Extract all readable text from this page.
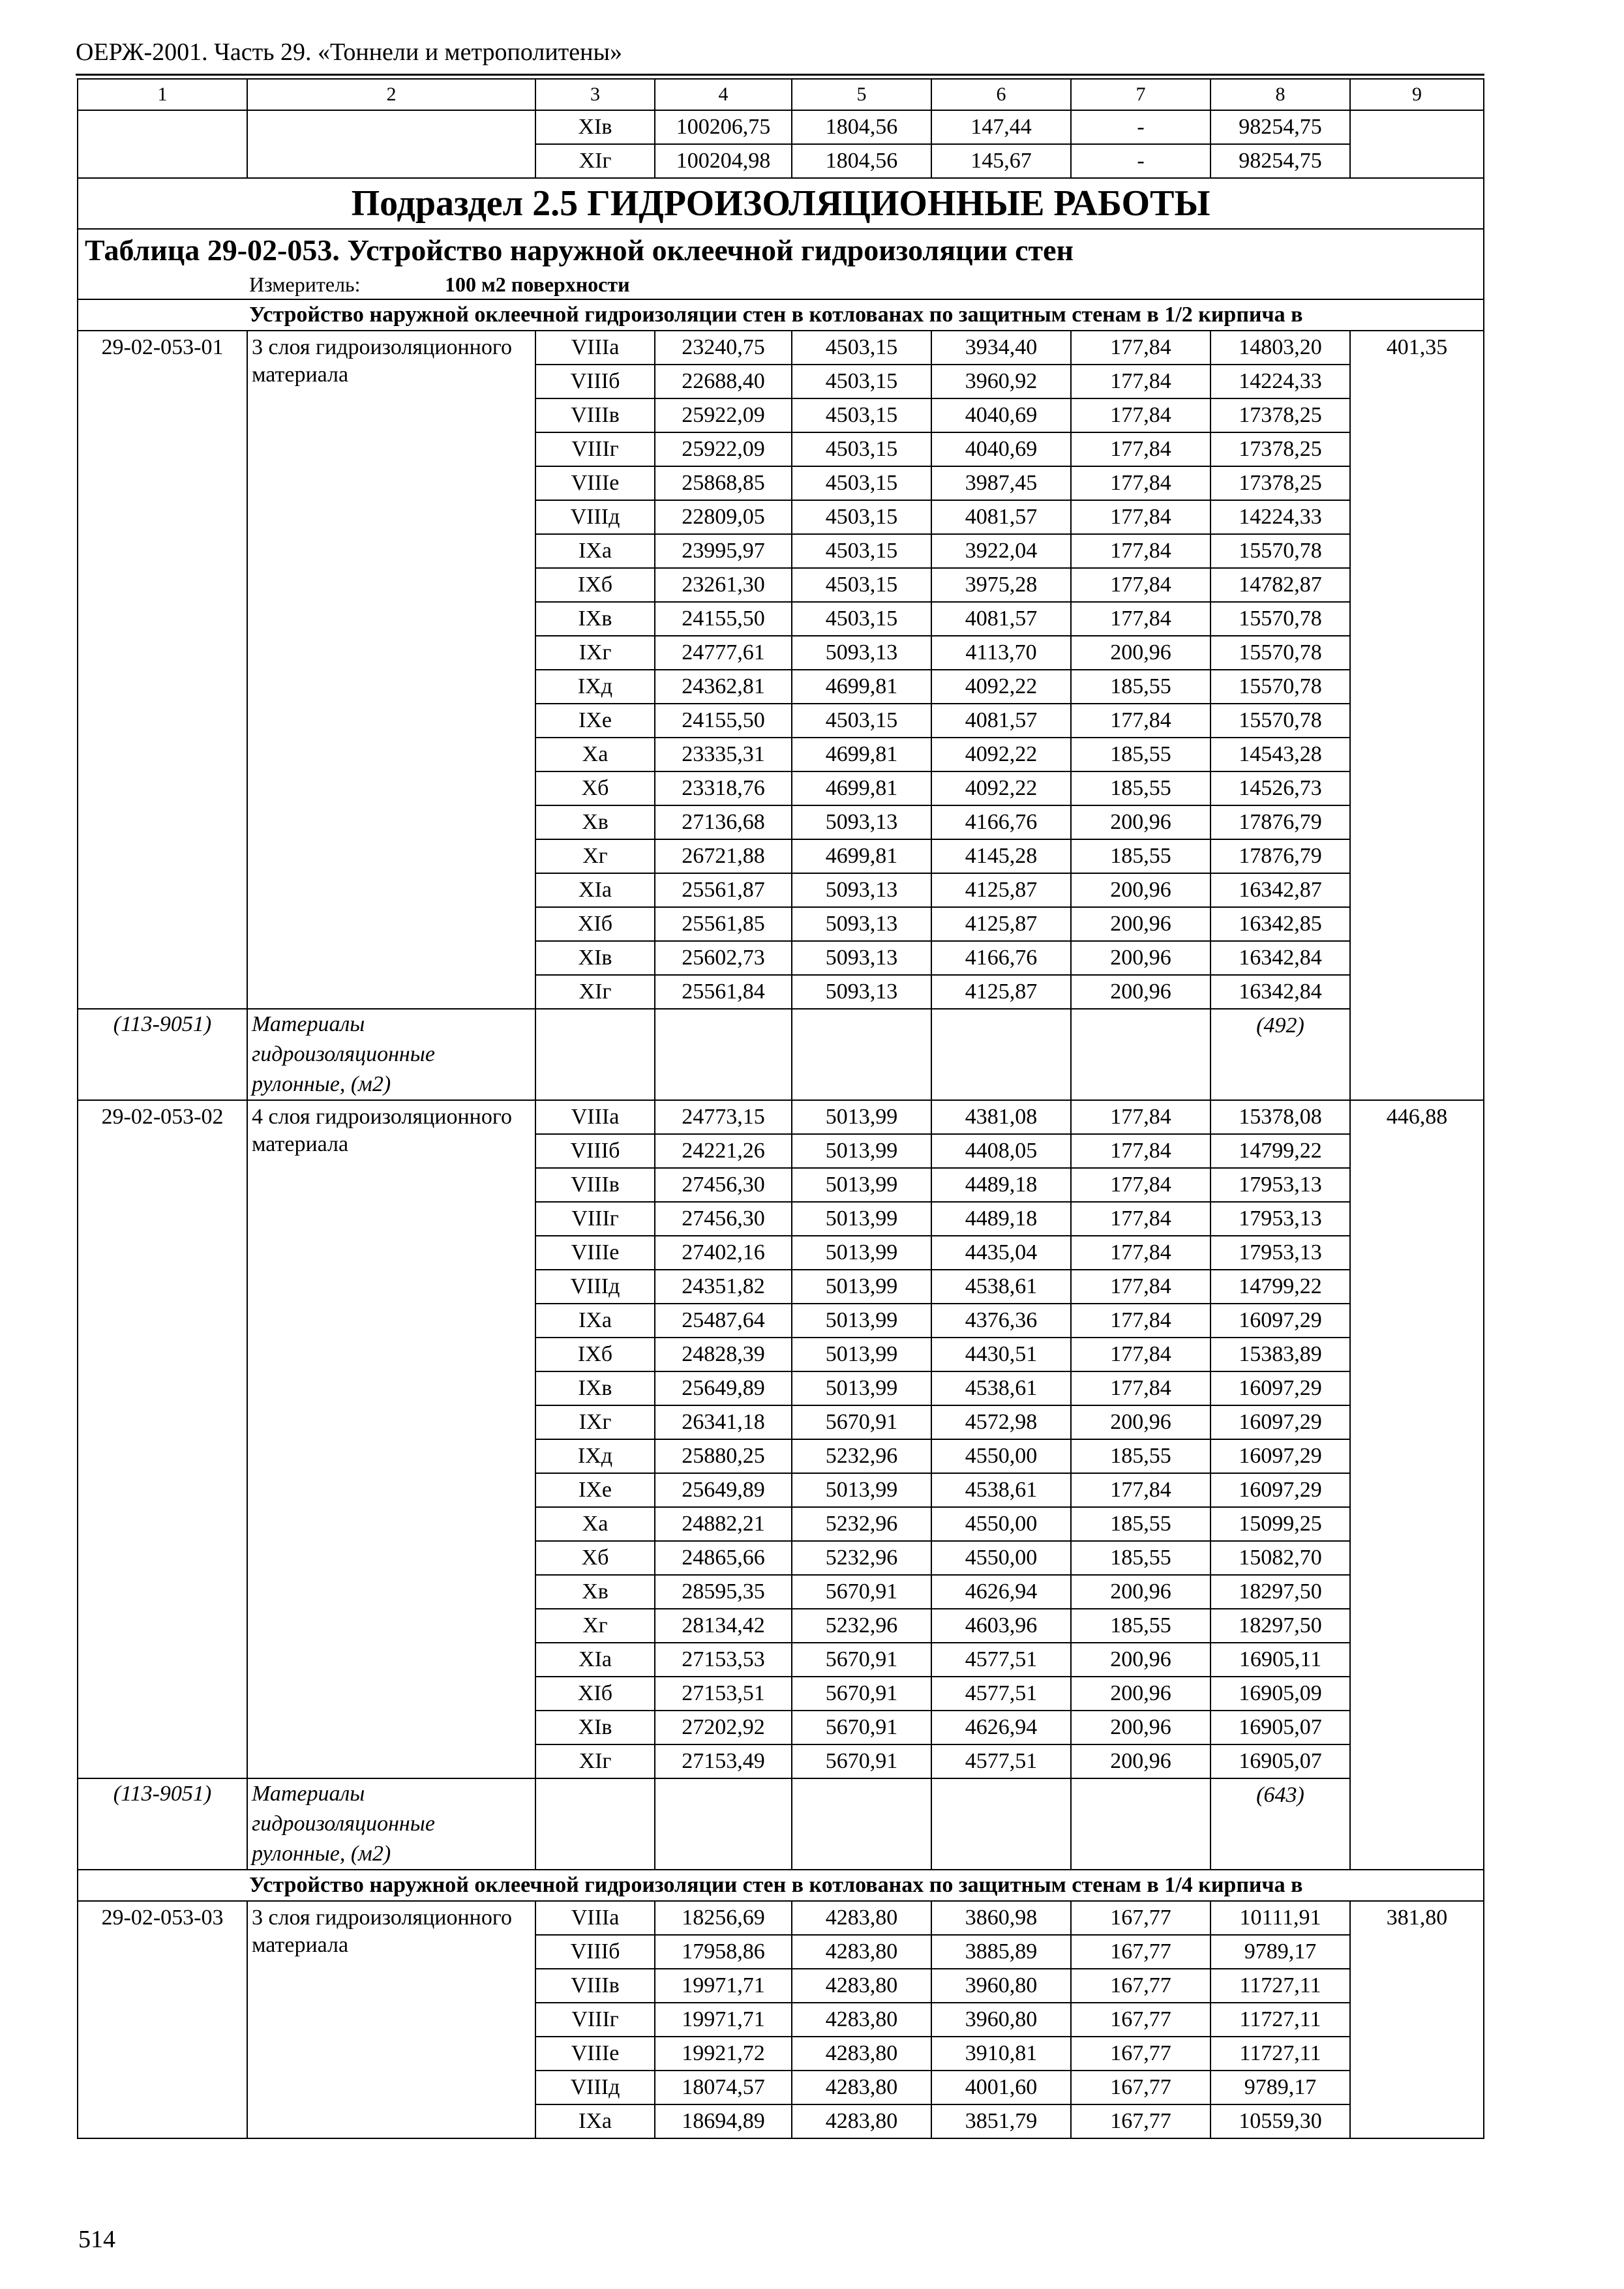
ОЕРЖ-2001. Часть 29. «Тоннели и метрополитены»
1	2	3	4	5	6	7	8	9
		XIв	100206,75	1804,56	147,44	-	98254,75	
		XIг	100204,98	1804,56	145,67	-	98254,75	
Подраздел 2.5 ГИДРОИЗОЛЯЦИОННЫЕ РАБОТЫ								
Таблица 29-02-053. Устройство наружной оклеечной гидроизоляции стен								
Измеритель: 100 м2 поверхности								
Устройство наружной оклеечной гидроизоляции стен в котлованах по защитным стенам в 1/2 кирпича в								
29-02-053-01	3 слоя гидроизоляционного материала	VIIIа	23240,75	4503,15	3934,40	177,84	14803,20	401,35
		VIIIб	22688,40	4503,15	3960,92	177,84	14224,33	
		VIIIв	25922,09	4503,15	4040,69	177,84	17378,25	
		VIIIг	25922,09	4503,15	4040,69	177,84	17378,25	
		VIIIе	25868,85	4503,15	3987,45	177,84	17378,25	
		VIIIд	22809,05	4503,15	4081,57	177,84	14224,33	
		IXа	23995,97	4503,15	3922,04	177,84	15570,78	
		IXб	23261,30	4503,15	3975,28	177,84	14782,87	
		IXв	24155,50	4503,15	4081,57	177,84	15570,78	
		IXг	24777,61	5093,13	4113,70	200,96	15570,78	
		IXд	24362,81	4699,81	4092,22	185,55	15570,78	
		IXе	24155,50	4503,15	4081,57	177,84	15570,78	
		Xа	23335,31	4699,81	4092,22	185,55	14543,28	
		Xб	23318,76	4699,81	4092,22	185,55	14526,73	
		Xв	27136,68	5093,13	4166,76	200,96	17876,79	
		Xг	26721,88	4699,81	4145,28	185,55	17876,79	
		XIа	25561,87	5093,13	4125,87	200,96	16342,87	
		XIб	25561,85	5093,13	4125,87	200,96	16342,85	
		XIв	25602,73	5093,13	4166,76	200,96	16342,84	
		XIг	25561,84	5093,13	4125,87	200,96	16342,84	
(113-9051)	Материалы гидроизоляционные рулонные, (м2)						(492)	
29-02-053-02	4 слоя гидроизоляционного материала	VIIIа	24773,15	5013,99	4381,08	177,84	15378,08	446,88
		VIIIб	24221,26	5013,99	4408,05	177,84	14799,22	
		VIIIв	27456,30	5013,99	4489,18	177,84	17953,13	
		VIIIг	27456,30	5013,99	4489,18	177,84	17953,13	
		VIIIе	27402,16	5013,99	4435,04	177,84	17953,13	
		VIIIд	24351,82	5013,99	4538,61	177,84	14799,22	
		IXа	25487,64	5013,99	4376,36	177,84	16097,29	
		IXб	24828,39	5013,99	4430,51	177,84	15383,89	
		IXв	25649,89	5013,99	4538,61	177,84	16097,29	
		IXг	26341,18	5670,91	4572,98	200,96	16097,29	
		IXд	25880,25	5232,96	4550,00	185,55	16097,29	
		IXе	25649,89	5013,99	4538,61	177,84	16097,29	
		Xа	24882,21	5232,96	4550,00	185,55	15099,25	
		Xб	24865,66	5232,96	4550,00	185,55	15082,70	
		Xв	28595,35	5670,91	4626,94	200,96	18297,50	
		Xг	28134,42	5232,96	4603,96	185,55	18297,50	
		XIа	27153,53	5670,91	4577,51	200,96	16905,11	
		XIб	27153,51	5670,91	4577,51	200,96	16905,09	
		XIв	27202,92	5670,91	4626,94	200,96	16905,07	
		XIг	27153,49	5670,91	4577,51	200,96	16905,07	
(113-9051)	Материалы гидроизоляционные рулонные, (м2)						(643)	
Устройство наружной оклеечной гидроизоляции стен в котлованах по защитным стенам в 1/4 кирпича в								
29-02-053-03	3 слоя гидроизоляционного материала	VIIIа	18256,69	4283,80	3860,98	167,77	10111,91	381,80
		VIIIб	17958,86	4283,80	3885,89	167,77	9789,17	
		VIIIв	19971,71	4283,80	3960,80	167,77	11727,11	
		VIIIг	19971,71	4283,80	3960,80	167,77	11727,11	
		VIIIе	19921,72	4283,80	3910,81	167,77	11727,11	
		VIIIд	18074,57	4283,80	4001,60	167,77	9789,17	
		IXа	18694,89	4283,80	3851,79	167,77	10559,30	
514
